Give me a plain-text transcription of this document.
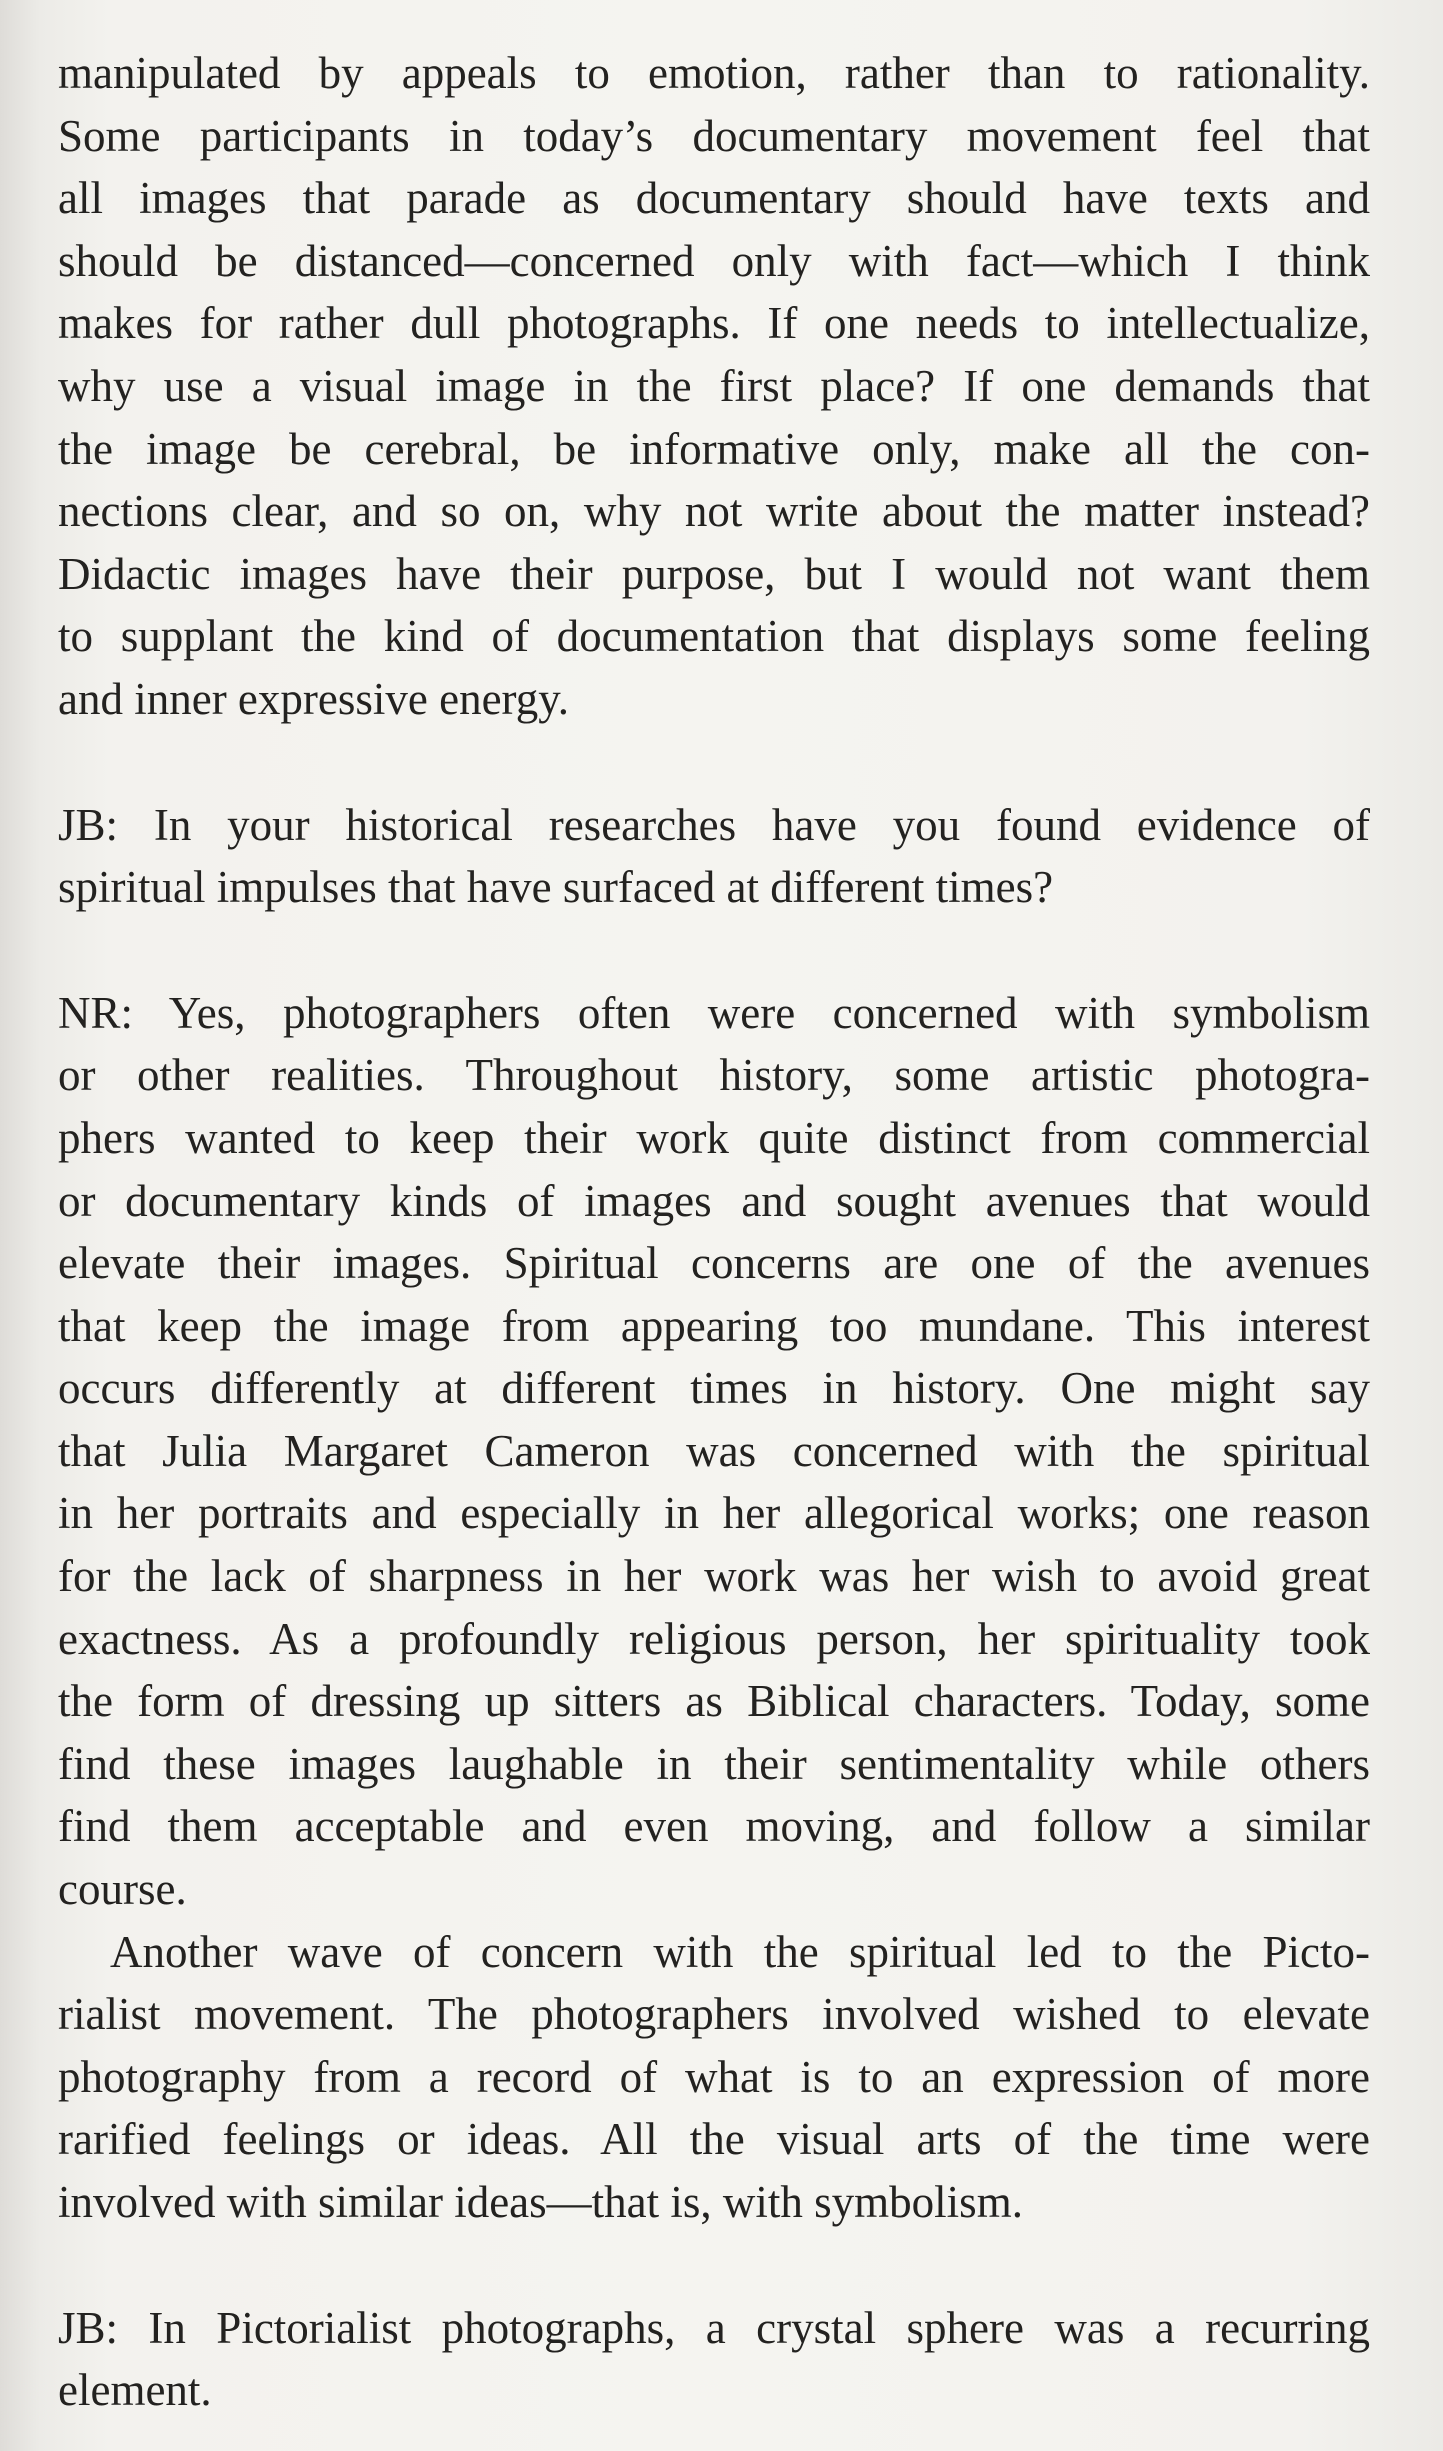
manipulated by appeals to emotion, rather than to rationality.
Some participants in today’s documentary movement feel that
all images that parade as documentary should have texts and
should be distanced—concerned only with fact—which I think
makes for rather dull photographs. If one needs to intellectualize,
why use a visual image in the first place? If one demands that
the image be cerebral, be informative only, make all the con-
nections clear, and so on, why not write about the matter instead?
Didactic images have their purpose, but I would not want them
to supplant the kind of documentation that displays some feeling
and inner expressive energy.
JB: In your historical researches have you found evidence of
spiritual impulses that have surfaced at different times?
NR: Yes, photographers often were concerned with symbolism
or other realities. Throughout history, some artistic photogra-
phers wanted to keep their work quite distinct from commercial
or documentary kinds of images and sought avenues that would
elevate their images. Spiritual concerns are one of the avenues
that keep the image from appearing too mundane. This interest
occurs differently at different times in history. One might say
that Julia Margaret Cameron was concerned with the spiritual
in her portraits and especially in her allegorical works; one reason
for the lack of sharpness in her work was her wish to avoid great
exactness. As a profoundly religious person, her spirituality took
the form of dressing up sitters as Biblical characters. Today, some
find these images laughable in their sentimentality while others
find them acceptable and even moving, and follow a similar
course.
Another wave of concern with the spiritual led to the Picto-
rialist movement. The photographers involved wished to elevate
photography from a record of what is to an expression of more
rarified feelings or ideas. All the visual arts of the time were
involved with similar ideas—that is, with symbolism.
JB: In Pictorialist photographs, a crystal sphere was a recurring
element.
